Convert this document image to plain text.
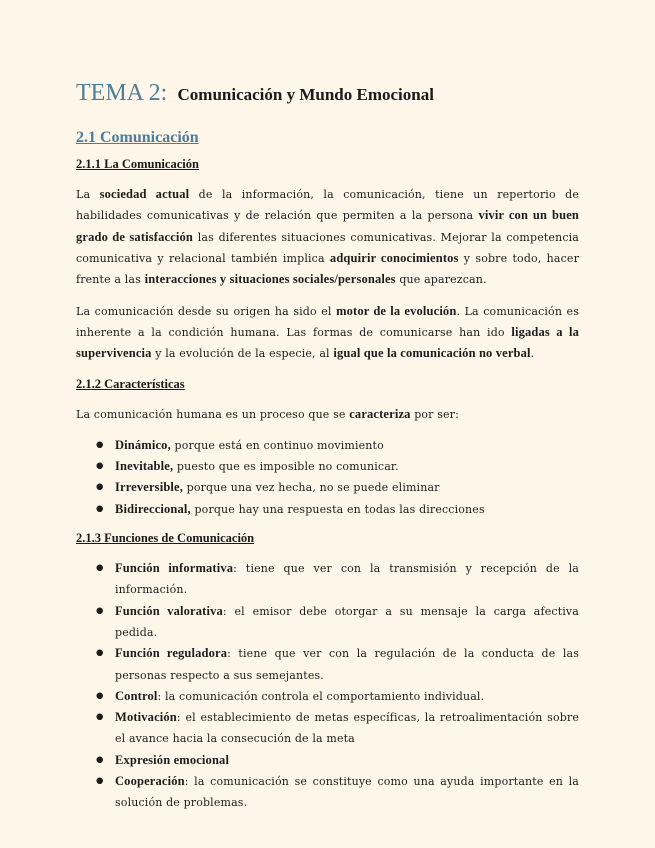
TEMA 2: Comunicación y Mundo Emocional
2.1 Comunicación
2.1.1 La Comunicación

La sociedad actual de la información, la comunicación, tiene un repertorio de habilidades comunicativas y de relación que permiten a la persona vivir con un buen grado de satisfacción las diferentes situaciones comunicativas. Mejorar la competencia comunicativa y relacional también implica adquirir conocimientos y sobre todo, hacer frente a las interacciones y situaciones sociales/personales que aparezcan.

La comunicación desde su origen ha sido el motor de la evolución. La comunicación es inherente a la condición humana. Las formas de comunicarse han ido ligadas a la supervivencia y la evolución de la especie, al igual que la comunicación no verbal.

2.1.2 Características

La comunicación humana es un proceso que se caracteriza por ser:

● Dinámico, porque está en continuo movimiento
● Inevitable, puesto que es imposible no comunicar.
● Irreversible, porque una vez hecha, no se puede eliminar
● Bidireccional, porque hay una respuesta en todas las direcciones
2.1.3 Funciones de Comunicación
● Función informativa: tiene que ver con la transmisión y recepción de la información.
● Función valorativa: el emisor debe otorgar a su mensaje la carga afectiva pedida.
● Función reguladora: tiene que ver con la regulación de la conducta de las personas respecto a sus semejantes.
● Control: la comunicación controla el comportamiento individual.
● Motivación: el establecimiento de metas específicas, la retroalimentación sobre el avance hacia la consecución de la meta
● Expresión emocional
● Cooperación: la comunicación se constituye como una ayuda importante en la solución de problemas.
